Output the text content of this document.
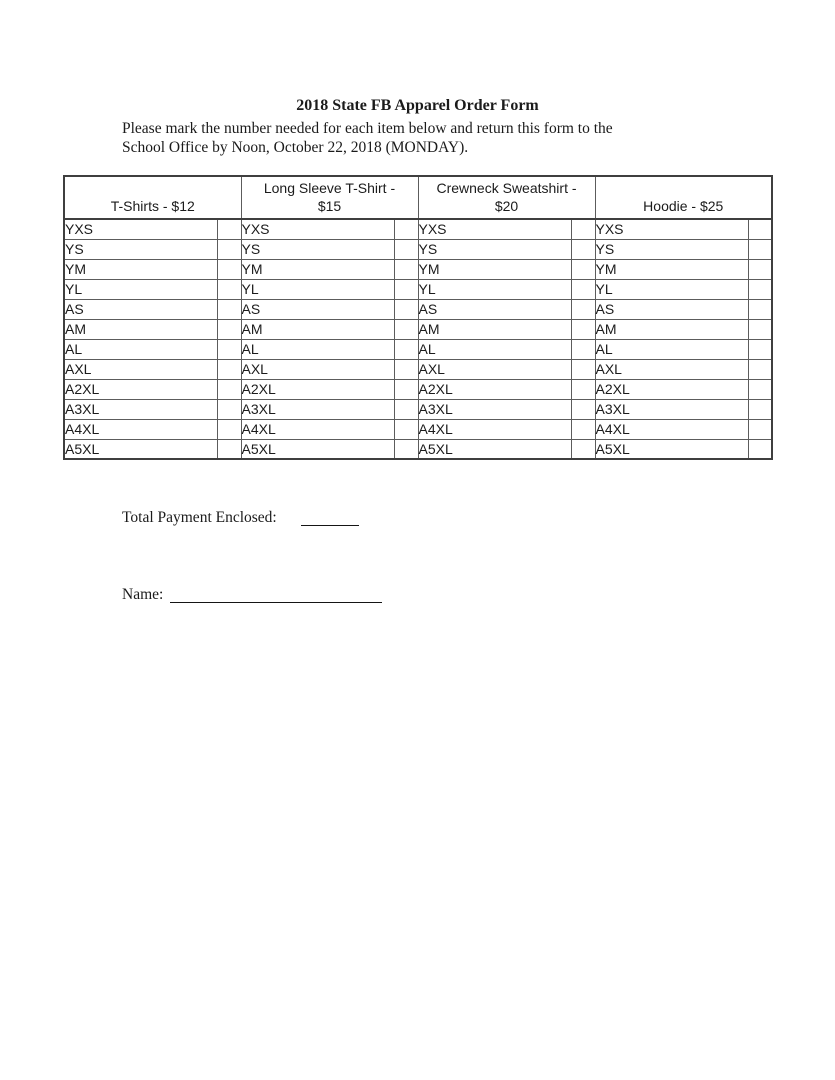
2018 State FB Apparel Order Form
Please mark the number needed for each item below and return this form to the
School Office by Noon, October 22, 2018 (MONDAY).
T-Shirts - $12		Long Sleeve T-Shirt - $15		Crewneck Sweatshirt - $20		Hoodie - $25	
YXS		YXS		YXS		YXS	
YS		YS		YS		YS	
YM		YM		YM		YM	
YL		YL		YL		YL	
AS		AS		AS		AS	
AM		AM		AM		AM	
AL		AL		AL		AL	
AXL		AXL		AXL		AXL	
A2XL		A2XL		A2XL		A2XL	
A3XL		A3XL		A3XL		A3XL	
A4XL		A4XL		A4XL		A4XL	
A5XL		A5XL		A5XL		A5XL	
Total Payment Enclosed:
Name:
